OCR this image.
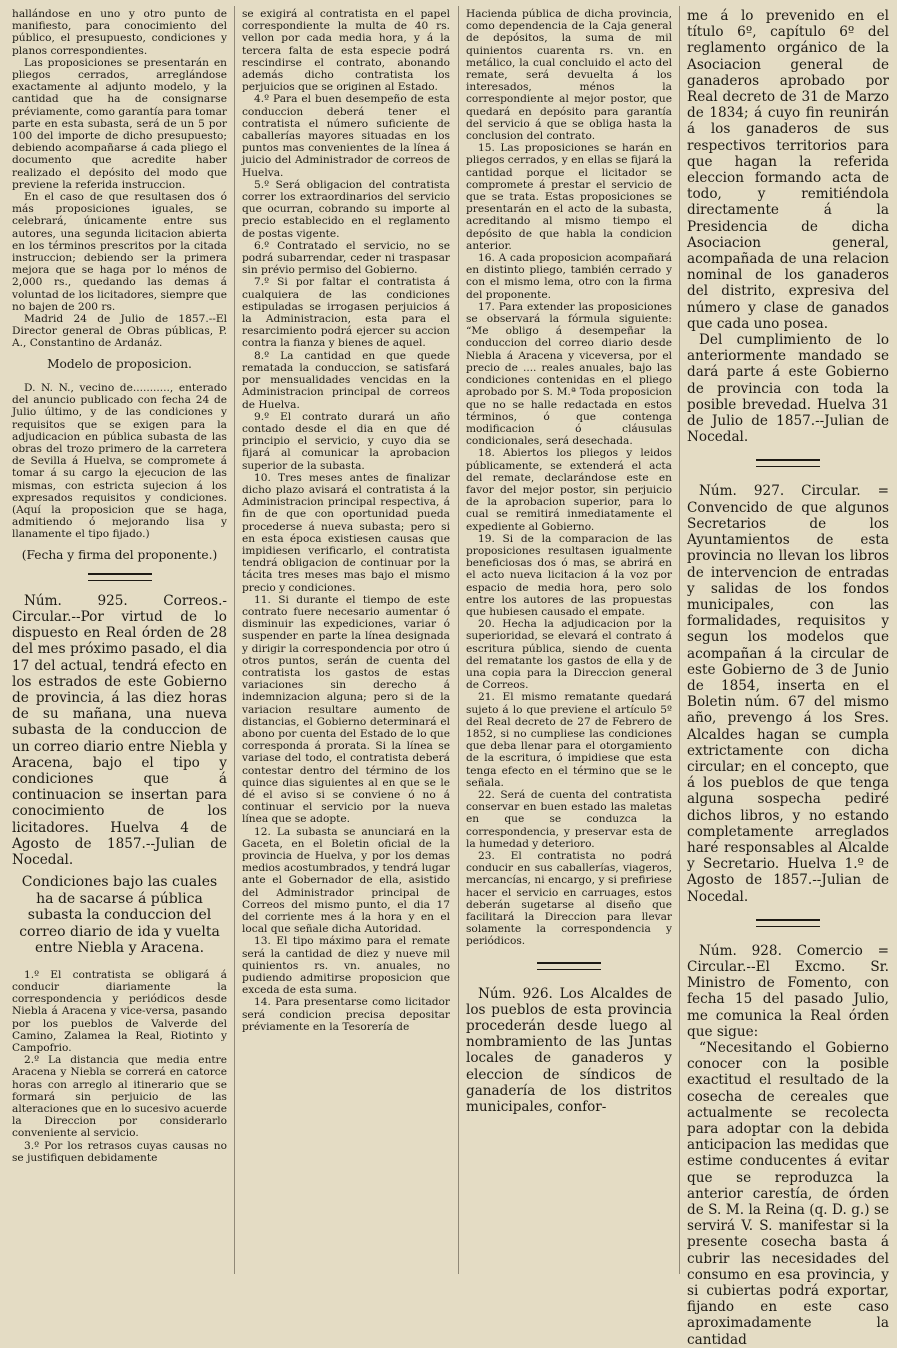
hallándose en uno y otro punto de manifiesto, para conocimiento del público, el presupuesto, condiciones y planos correspondientes.

Las proposiciones se presentarán en pliegos cerrados, arreglándose exactamente al adjunto modelo, y la cantidad que ha de consignarse préviamente, como garantía para tomar parte en esta subasta, será de un 5 por 100 del importe de dicho presupuesto; debiendo acompañarse á cada pliego el documento que acredite haber realizado el depósito del modo que previene la referida instruccion.

En el caso de que resultasen dos ó más proposiciones iguales, se celebrará, únicamente entre sus autores, una segunda licitacion abierta en los términos prescritos por la citada instruccion; debiendo ser la primera mejora que se haga por lo ménos de 2,000 rs., quedando las demas á voluntad de los licitadores, siempre que no bajen de 200 rs.

Madrid 24 de Julio de 1857.--El Director general de Obras públicas, P. A., Constantino de Ardanáz.

Modelo de proposicion.

D. N. N., vecino de..........., enterado del anuncio publicado con fecha 24 de Julio último, y de las condiciones y requisitos que se exigen para la adjudicacion en pública subasta de las obras del trozo primero de la carretera de Sevilla á Huelva, se compromete á tomar á su cargo la ejecucion de las mismas, con estricta sujecion á los expresados requisitos y condiciones. (Aquí la proposicion que se haga, admitiendo ó mejorando lisa y llanamente el tipo fijado.)

(Fecha y firma del proponente.)

Núm. 925. Correos.-Circular.--Por virtud de lo dispuesto en Real órden de 28 del mes próximo pasado, el dia 17 del actual, tendrá efecto en los estrados de este Gobierno de provincia, á las diez horas de su mañana, una nueva subasta de la conduccion de un correo diario entre Niebla y Aracena, bajo el tipo y condiciones que á continuacion se insertan para conocimiento de los licitadores. Huelva 4 de Agosto de 1857.--Julian de Nocedal.

Condiciones bajo las cuales ha de sacarse á pública subasta la conduccion del correo diario de ida y vuelta entre Niebla y Aracena.

1.º El contratista se obligará á conducir diariamente la correspondencia y periódicos desde Niebla á Aracena y vice-versa, pasando por los pueblos de Valverde del Camino, Zalamea la Real, Riotinto y Campofrio.

2.º La distancia que media entre Aracena y Niebla se correrá en catorce horas con arreglo al itinerario que se formará sin perjuicio de las alteraciones que en lo sucesivo acuerde la Direccion por considerarlo conveniente al servicio.

3.º Por los retrasos cuyas causas no se justifiquen debidamente

se exigirá al contratista en el papel correspondiente la multa de 40 rs. vellon por cada media hora, y á la tercera falta de esta especie podrá rescindirse el contrato, abonando además dicho contratista los perjuicios que se originen al Estado.

4.º Para el buen desempeño de esta conduccion deberá tener el contratista el número suficiente de caballerías mayores situadas en los puntos mas convenientes de la línea á juicio del Administrador de correos de Huelva.

5.º Será obligacion del contratista correr los extraordinarios del servicio que ocurran, cobrando su importe al precio establecido en el reglamento de postas vigente.

6.º Contratado el servicio, no se podrá subarrendar, ceder ni traspasar sin prévio permiso del Gobierno.

7.º Si por faltar el contratista á cualquiera de las condiciones estipuladas se irrogasen perjuicios á la Administracion, esta para el resarcimiento podrá ejercer su accion contra la fianza y bienes de aquel.

8.º La cantidad en que quede rematada la conduccion, se satisfará por mensualidades vencidas en la Administracion principal de correos de Huelva.

9.º El contrato durará un año contado desde el dia en que dé principio el servicio, y cuyo dia se fijará al comunicar la aprobacion superior de la subasta.

10. Tres meses antes de finalizar dicho plazo avisará el contratista á la Administracion principal respectiva, á fin de que con oportunidad pueda procederse á nueva subasta; pero si en esta época existiesen causas que impidiesen verificarlo, el contratista tendrá obligacion de continuar por la tácita tres meses mas bajo el mismo precio y condiciones.

11. Si durante el tiempo de este contrato fuere necesario aumentar ó disminuir las expediciones, variar ó suspender en parte la línea designada y dirigir la correspondencia por otro ú otros puntos, serán de cuenta del contratista los gastos de estas variaciones sin derecho á indemnizacion alguna; pero si de la variacion resultare aumento de distancias, el Gobierno determinará el abono por cuenta del Estado de lo que corresponda á prorata. Si la línea se variase del todo, el contratista deberá contestar dentro del término de los quince dias siguientes al en que se le dé el aviso si se conviene ó no á continuar el servicio por la nueva línea que se adopte.

12. La subasta se anunciará en la Gaceta, en el Boletin oficial de la provincia de Huelva, y por los demas medios acostumbrados, y tendrá lugar ante el Gobernador de ella, asistido del Administrador principal de Correos del mismo punto, el dia 17 del corriente mes á la hora y en el local que señale dicha Autoridad.

13. El tipo máximo para el remate será la cantidad de diez y nueve mil quinientos rs. vn. anuales, no pudiendo admitirse proposicion que exceda de esta suma.

14. Para presentarse como licitador será condicion precisa depositar préviamente en la Tesorería de

Hacienda pública de dicha provincia, como dependencia de la Caja general de depósitos, la suma de mil quinientos cuarenta rs. vn. en metálico, la cual concluido el acto del remate, será devuelta á los interesados, ménos la correspondiente al mejor postor, que quedará en depósito para garantía del servicio á que se obliga hasta la conclusion del contrato.

15. Las proposiciones se harán en pliegos cerrados, y en ellas se fijará la cantidad porque el licitador se compromete á prestar el servicio de que se trata. Estas proposiciones se presentarán en el acto de la subasta, acreditando al mismo tiempo el depósito de que habla la condicion anterior.

16. A cada proposicion acompañará en distinto pliego, también cerrado y con el mismo lema, otro con la firma del proponente.

17. Para extender las proposiciones se observará la fórmula siguiente: “Me obligo á desempeñar la conduccion del correo diario desde Niebla á Aracena y viceversa, por el precio de .... reales anuales, bajo las condiciones contenidas en el pliego aprobado por S. M.ª Toda proposicion que no se halle redactada en estos términos, ó que contenga modificacion ó cláusulas condicionales, será desechada.

18. Abiertos los pliegos y leidos públicamente, se extenderá el acta del remate, declarándose este en favor del mejor postor, sin perjuicio de la aprobacion superior, para lo cual se remitirá inmediatamente el expediente al Gobierno.

19. Si de la comparacion de las proposiciones resultasen igualmente beneficiosas dos ó mas, se abrirá en el acto nueva licitacion á la voz por espacio de media hora, pero solo entre los autores de las propuestas que hubiesen causado el empate.

20. Hecha la adjudicacion por la superioridad, se elevará el contrato á escritura pública, siendo de cuenta del rematante los gastos de ella y de una copia para la Direccion general de Correos.

21. El mismo rematante quedará sujeto á lo que previene el artículo 5º del Real decreto de 27 de Febrero de 1852, si no cumpliese las condiciones que deba llenar para el otorgamiento de la escritura, ó impidiese que esta tenga efecto en el término que se le señala.

22. Será de cuenta del contratista conservar en buen estado las maletas en que se conduzca la correspondencia, y preservar esta de la humedad y deterioro.

23. El contratista no podrá conducir en sus caballerías, viageros, mercancías, ni encargo, y si prefiriese hacer el servicio en carruages, estos deberán sugetarse al diseño que facilitará la Direccion para llevar solamente la correspondencia y periódicos.

Núm. 926. Los Alcaldes de los pueblos de esta provincia procederán desde luego al nombramiento de las Juntas locales de ganaderos y eleccion de síndicos de ganadería de los distritos municipales, confor-

me á lo prevenido en el título 6º, capítulo 6º del reglamento orgánico de la Asociacion general de ganaderos aprobado por Real decreto de 31 de Marzo de 1834; á cuyo fin reunirán á los ganaderos de sus respectivos territorios para que hagan la referida eleccion formando acta de todo, y remitiéndola directamente á la Presidencia de dicha Asociacion general, acompañada de una relacion nominal de los ganaderos del distrito, expresiva del número y clase de ganados que cada uno posea.

Del cumplimiento de lo anteriormente mandado se dará parte á este Gobierno de provincia con toda la posible brevedad. Huelva 31 de Julio de 1857.--Julian de Nocedal.

Núm. 927. Circular. = Convencido de que algunos Secretarios de los Ayuntamientos de esta provincia no llevan los libros de intervencion de entradas y salidas de los fondos municipales, con las formalidades, requisitos y segun los modelos que acompañan á la circular de este Gobierno de 3 de Junio de 1854, inserta en el Boletin núm. 67 del mismo año, prevengo á los Sres. Alcaldes hagan se cumpla extrictamente con dicha circular; en el concepto, que á los pueblos de que tenga alguna sospecha pediré dichos libros, y no estando completamente arreglados haré responsables al Alcalde y Secretario. Huelva 1.º de Agosto de 1857.--Julian de Nocedal.

Núm. 928. Comercio = Circular.--El Excmo. Sr. Ministro de Fomento, con fecha 15 del pasado Julio, me comunica la Real órden que sigue:

“Necesitando el Gobierno conocer con la posible exactitud el resultado de la cosecha de cereales que actualmente se recolecta para adoptar con la debida anticipacion las medidas que estime conducentes á evitar que se reproduzca la anterior carestía, de órden de S. M. la Reina (q. D. g.) se servirá V. S. manifestar si la presente cosecha basta á cubrir las necesidades del consumo en esa provincia, y si cubiertas podrá exportar, fijando en este caso aproximadamente la cantidad
